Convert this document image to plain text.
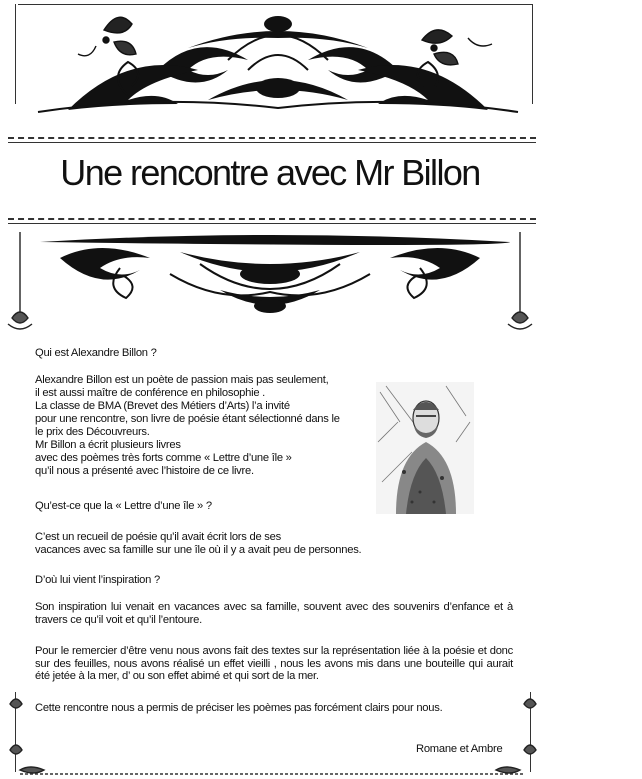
Une rencontre avec Mr Billon
Qui est Alexandre Billon ?
Alexandre Billon est un poète de passion mais pas seulement,
il est aussi maître de conférence en philosophie .
La classe de BMA (Brevet des Métiers d’Arts) l’a invité
pour une rencontre, son livre de poésie étant sélectionné dans le
le prix des Découvreurs.
Mr Billon a écrit plusieurs livres
avec des poèmes très forts comme « Lettre d’une île »
qu’il nous a présenté avec l’histoire de ce livre.
Qu’est-ce que la « Lettre d’une île » ?
C’est un recueil de poésie qu’il avait écrit lors de ses
vacances avec sa famille sur une île où il y a avait peu de personnes.
D’où lui vient l’inspiration ?
Son inspiration lui venait en vacances avec sa famille, souvent avec des souvenirs d’enfance et à travers ce qu’il voit et qu’il l’entoure.
Pour le remercier d’être venu nous avons fait des textes sur la représentation liée à la poésie et donc sur des feuilles, nous avons réalisé un effet vieilli , nous les avons mis dans une bouteille qui aurait été jetée à la mer, d’ ou son effet abimé et qui sort de la mer.
Cette rencontre nous a permis de préciser les poèmes pas forcément clairs pour nous.
Romane et Ambre
